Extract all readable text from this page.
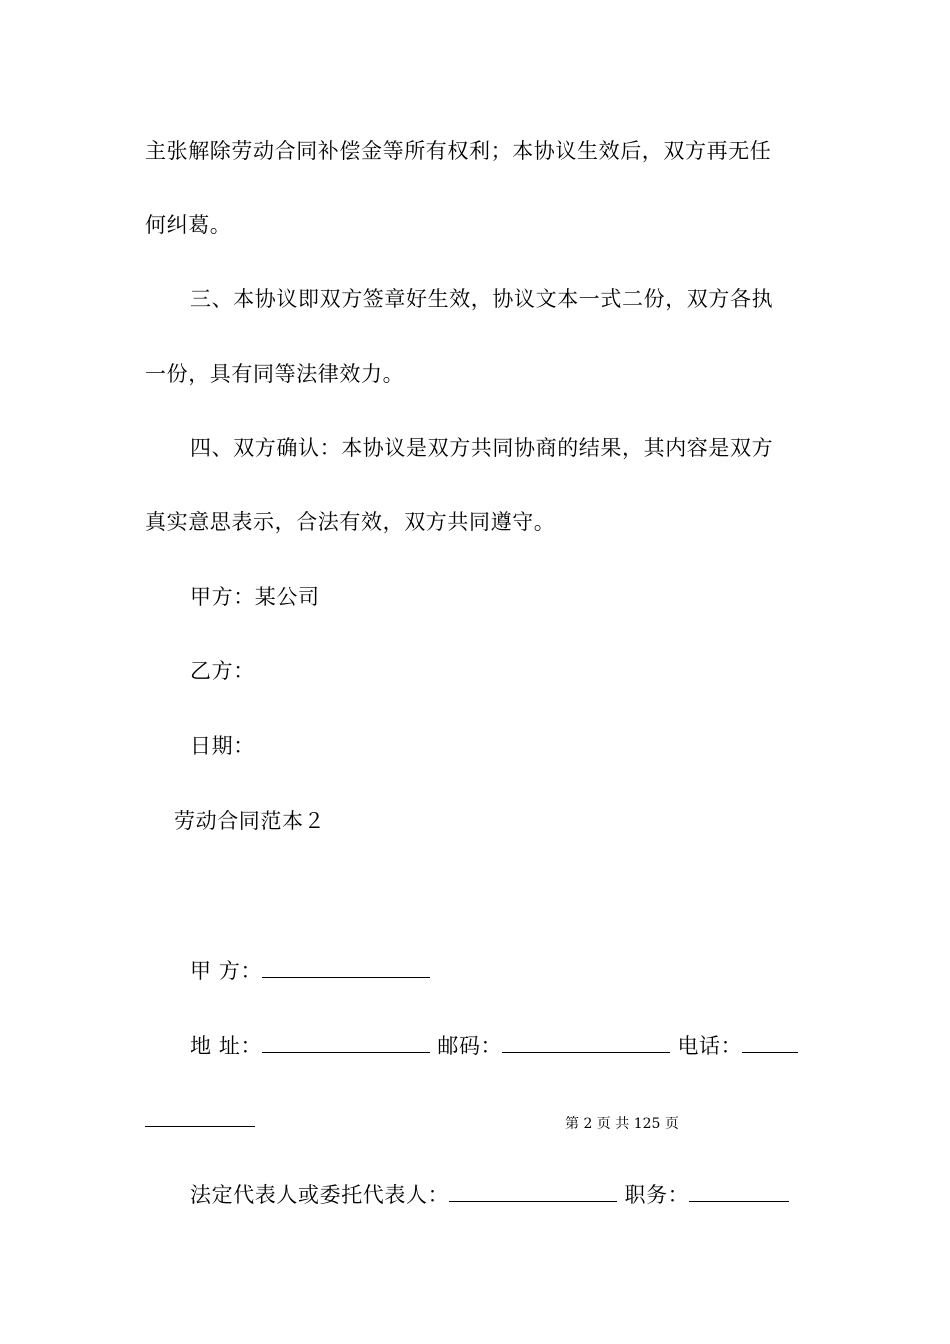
主张解除劳动合同补偿金等所有权利；本协议生效后，双方再无任
何纠葛。
三、本协议即双方签章好生效，协议文本一式二份，双方各执
一份，具有同等法律效力。
四、双方确认：本协议是双方共同协商的结果，其内容是双方
真实意思表示，合法有效，双方共同遵守。
甲方：某公司
乙方：
日期：
劳动合同范本２
甲 方：
地 址：	邮码：	电话：
第 2 页 共 125 页
法定代表人或委托代表人：	职务：
